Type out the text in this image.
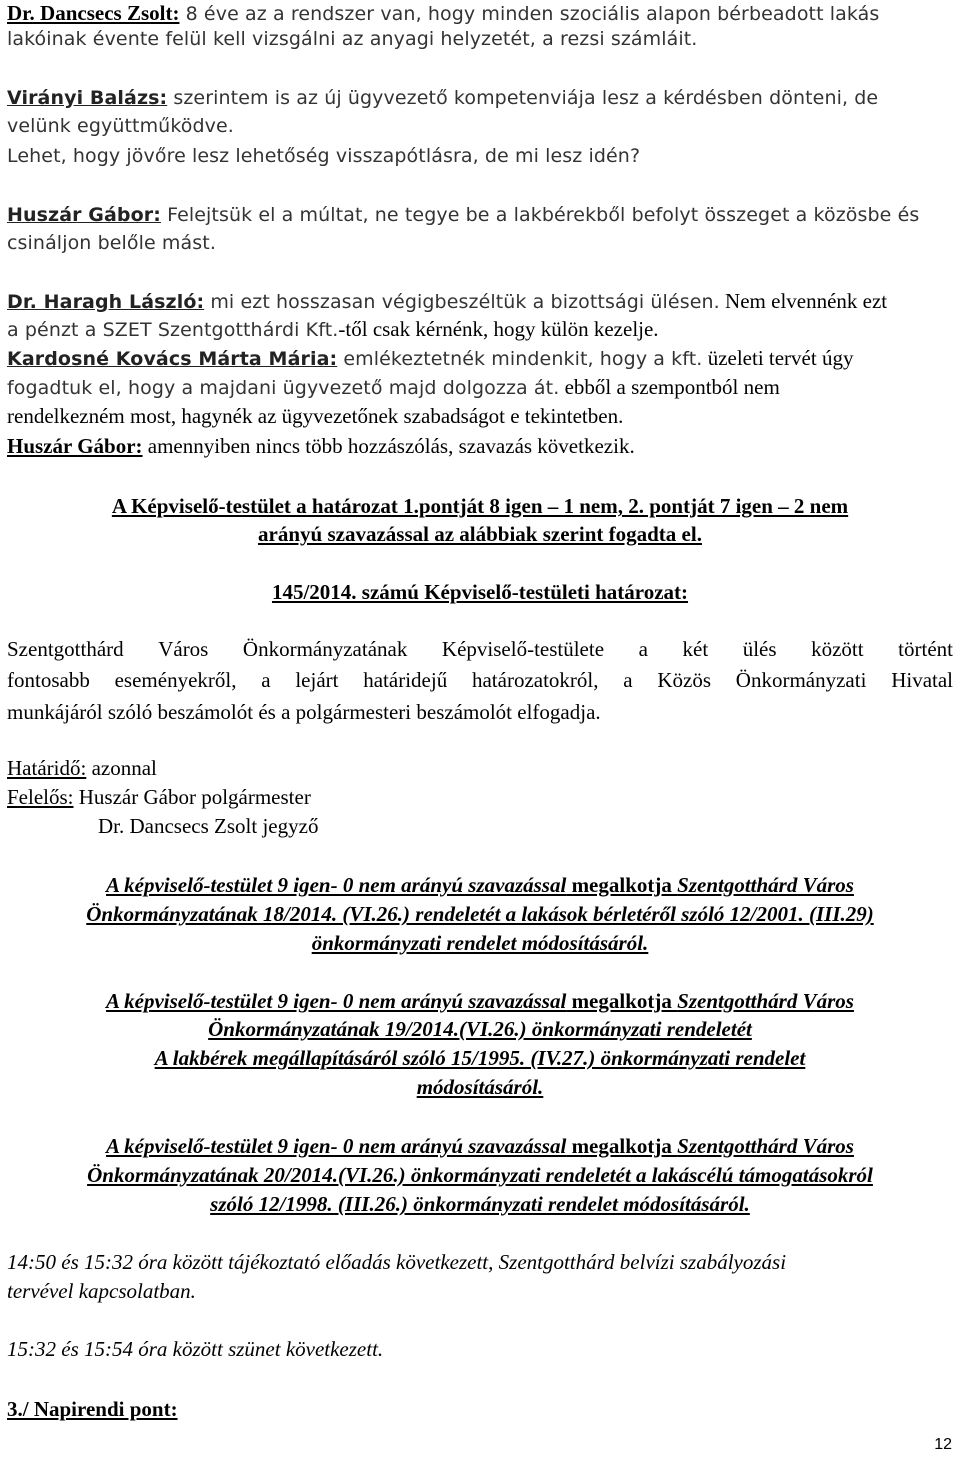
Dr. Dancsecs Zsolt: 8 éve az a rendszer van, hogy minden szociális alapon bérbeadott lakás
lakóinak évente felül kell vizsgálni az anyagi helyzetét, a rezsi számláit.
Virányi Balázs: szerintem is az új ügyvezető kompetenviája lesz a kérdésben dönteni, de
velünk együttműködve.
Lehet, hogy jövőre lesz lehetőség visszapótlásra, de mi lesz idén?
Huszár Gábor: Felejtsük el a múltat, ne tegye be a lakbérekből befolyt összeget a közösbe és
csináljon belőle mást.
Dr. Haragh László: mi ezt hosszasan végigbeszéltük a bizottsági ülésen. Nem elvennénk ezt
a pénzt a SZET Szentgotthárdi Kft.-től csak kérnénk, hogy külön kezelje.
Kardosné Kovács Márta Mária: emlékeztetnék mindenkit, hogy a kft. üzeleti tervét úgy
fogadtuk el, hogy a majdani ügyvezető majd dolgozza át. ebből a szempontból nem
rendelkezném most, hagynék az ügyvezetőnek szabadságot e tekintetben.
Huszár Gábor: amennyiben nincs több hozzászólás, szavazás következik.
A Képviselő-testület a határozat 1.pontját 8 igen – 1 nem, 2. pontját 7 igen – 2 nem
arányú szavazással az alábbiak szerint fogadta el.
145/2014. számú Képviselő-testületi határozat:
Szentgotthárd Város Önkormányzatának Képviselő-testülete a két ülés között történt
fontosabb eseményekről, a lejárt határidejű határozatokról, a Közös Önkormányzati Hivatal
munkájáról szóló beszámolót és a polgármesteri beszámolót elfogadja.
Határidő: azonnal
Felelős: Huszár Gábor polgármester
Dr. Dancsecs Zsolt jegyző
A képviselő-testület 9 igen- 0 nem arányú szavazással megalkotja Szentgotthárd Város
Önkormányzatának 18/2014. (VI.26.) rendeletét a lakások bérletéről szóló 12/2001. (III.29)
önkormányzati rendelet módosításáról.
A képviselő-testület 9 igen- 0 nem arányú szavazással megalkotja Szentgotthárd Város
Önkormányzatának 19/2014.(VI.26.) önkormányzati rendeletét
A lakbérek megállapításáról szóló 15/1995. (IV.27.) önkormányzati rendelet
módosításáról.
A képviselő-testület 9 igen- 0 nem arányú szavazással megalkotja Szentgotthárd Város
Önkormányzatának 20/2014.(VI.26.) önkormányzati rendeletét a lakáscélú támogatásokról
szóló 12/1998. (III.26.) önkormányzati rendelet módosításáról.
14:50 és 15:32 óra között tájékoztató előadás következett, Szentgotthárd belvízi szabályozási
tervével kapcsolatban.
15:32 és 15:54 óra között szünet következett.
3./ Napirendi pont:
12
